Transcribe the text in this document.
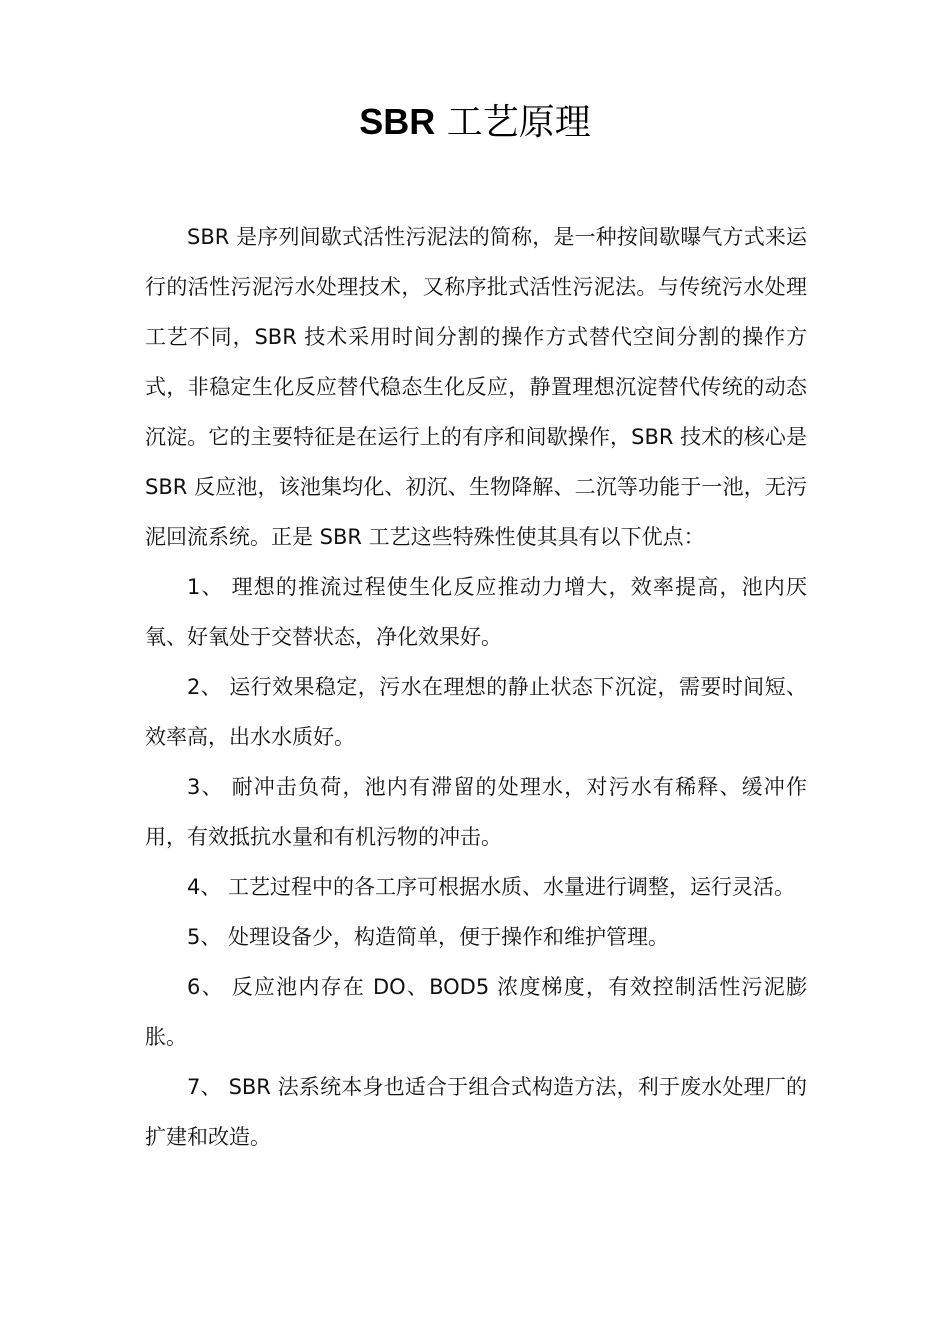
SBR 工艺原理

SBR 是序列间歇式活性污泥法的简称，是一种按间歇曝气方式来运行的活性污泥污水处理技术，又称序批式活性污泥法。与传统污水处理工艺不同，SBR 技术采用时间分割的操作方式替代空间分割的操作方式，非稳定生化反应替代稳态生化反应，静置理想沉淀替代传统的动态沉淀。它的主要特征是在运行上的有序和间歇操作，SBR 技术的核心是 SBR 反应池，该池集均化、初沉、生物降解、二沉等功能于一池，无污泥回流系统。正是 SBR 工艺这些特殊性使其具有以下优点：

1、 理想的推流过程使生化反应推动力增大，效率提高，池内厌氧、好氧处于交替状态，净化效果好。

2、 运行效果稳定，污水在理想的静止状态下沉淀，需要时间短、效率高，出水水质好。

3、 耐冲击负荷，池内有滞留的处理水，对污水有稀释、缓冲作用，有效抵抗水量和有机污物的冲击。

4、 工艺过程中的各工序可根据水质、水量进行调整，运行灵活。

5、 处理设备少，构造简单，便于操作和维护管理。

6、 反应池内存在 DO、BOD5 浓度梯度，有效控制活性污泥膨胀。

7、 SBR 法系统本身也适合于组合式构造方法，利于废水处理厂的扩建和改造。
